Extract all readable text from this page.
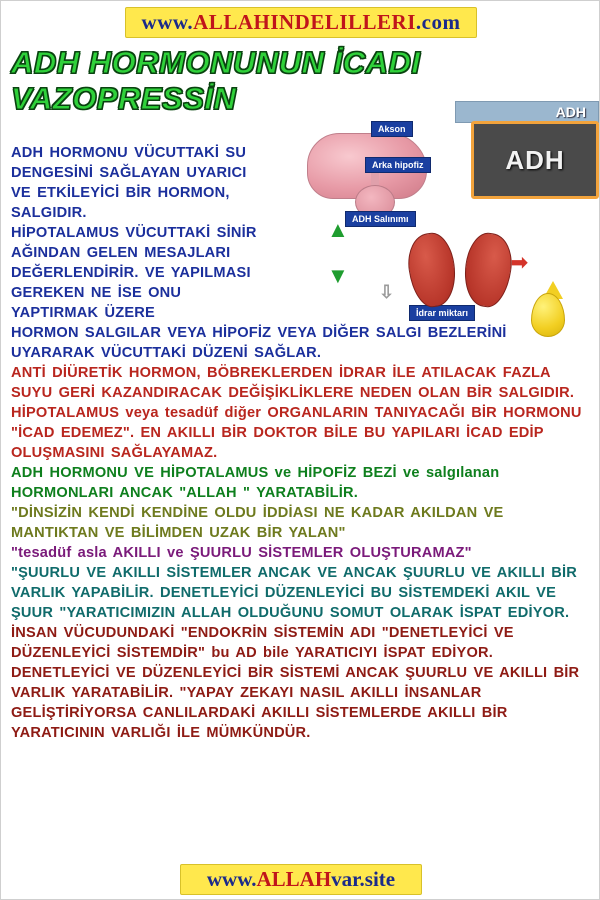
www.ALLAHINDELILLERI.com
ADH HORMONUNUN İCADI
VAZOPRESSİN	ADH
Akson
Arka hipofiz
ADH Salınımı
İdrar miktarı
▲
▼	➡
⇩
ADH

ADH HORMONU VÜCUTTAKİ SU DENGESİNİ SAĞLAYAN UYARICI VE ETKİLEYİCİ BİR HORMON, SALGIDIR.

HİPOTALAMUS VÜCUTTAKİ SİNİR AĞINDAN GELEN MESAJLARI DEĞERLENDİRİR. VE YAPILMASI GEREKEN NE İSE ONU YAPTIRMAK ÜZERE

HORMON SALGILAR VEYA HİPOFİZ VEYA DİĞER SALGI BEZLERİNİ UYARARAK VÜCUTTAKİ DÜZENİ SAĞLAR.

ANTİ DİÜRETİK HORMON, BÖBREKLERDEN İDRAR İLE ATILACAK FAZLA SUYU GERİ KAZANDIRACAK DEĞİŞİKLİKLERE NEDEN OLAN BİR SALGIDIR. HİPOTALAMUS veya tesadüf diğer ORGANLARIN TANIYACAĞI BİR HORMONU "İCAD EDEMEZ". EN AKILLI BİR DOKTOR BİLE BU YAPILARI İCAD EDİP OLUŞMASINI SAĞLAYAMAZ.

ADH HORMONU VE HİPOTALAMUS ve HİPOFİZ BEZİ ve salgılanan HORMONLARI ANCAK "ALLAH " YARATABİLİR.

"DİNSİZİN KENDİ KENDİNE OLDU İDDİASI NE KADAR AKILDAN VE MANTIKTAN VE BİLİMDEN UZAK BİR YALAN"

"tesadüf asla AKILLI ve ŞUURLU SİSTEMLER OLUŞTURAMAZ"

"ŞUURLU VE AKILLI SİSTEMLER ANCAK VE ANCAK ŞUURLU VE AKILLI BİR VARLIK YAPABİLİR. DENETLEYİCİ DÜZENLEYİCİ BU SİSTEMDEKİ AKIL VE ŞUUR "YARATICIMIZIN ALLAH OLDUĞUNU SOMUT OLARAK İSPAT EDİYOR.

İNSAN VÜCUDUNDAKİ "ENDOKRİN SİSTEMİN ADI "DENETLEYİCİ VE DÜZENLEYİCİ SİSTEMDİR" bu AD bile YARATICIYI İSPAT EDİYOR. DENETLEYİCİ VE DÜZENLEYİCİ BİR SİSTEMİ ANCAK ŞUURLU VE AKILLI BİR VARLIK YARATABİLİR. "YAPAY ZEKAYI NASIL AKILLI İNSANLAR GELİŞTİRİYORSA CANLILARDAKİ AKILLI SİSTEMLERDE AKILLI BİR YARATICININ VARLIĞI İLE MÜMKÜNDÜR.

www.ALLAHvar.site
